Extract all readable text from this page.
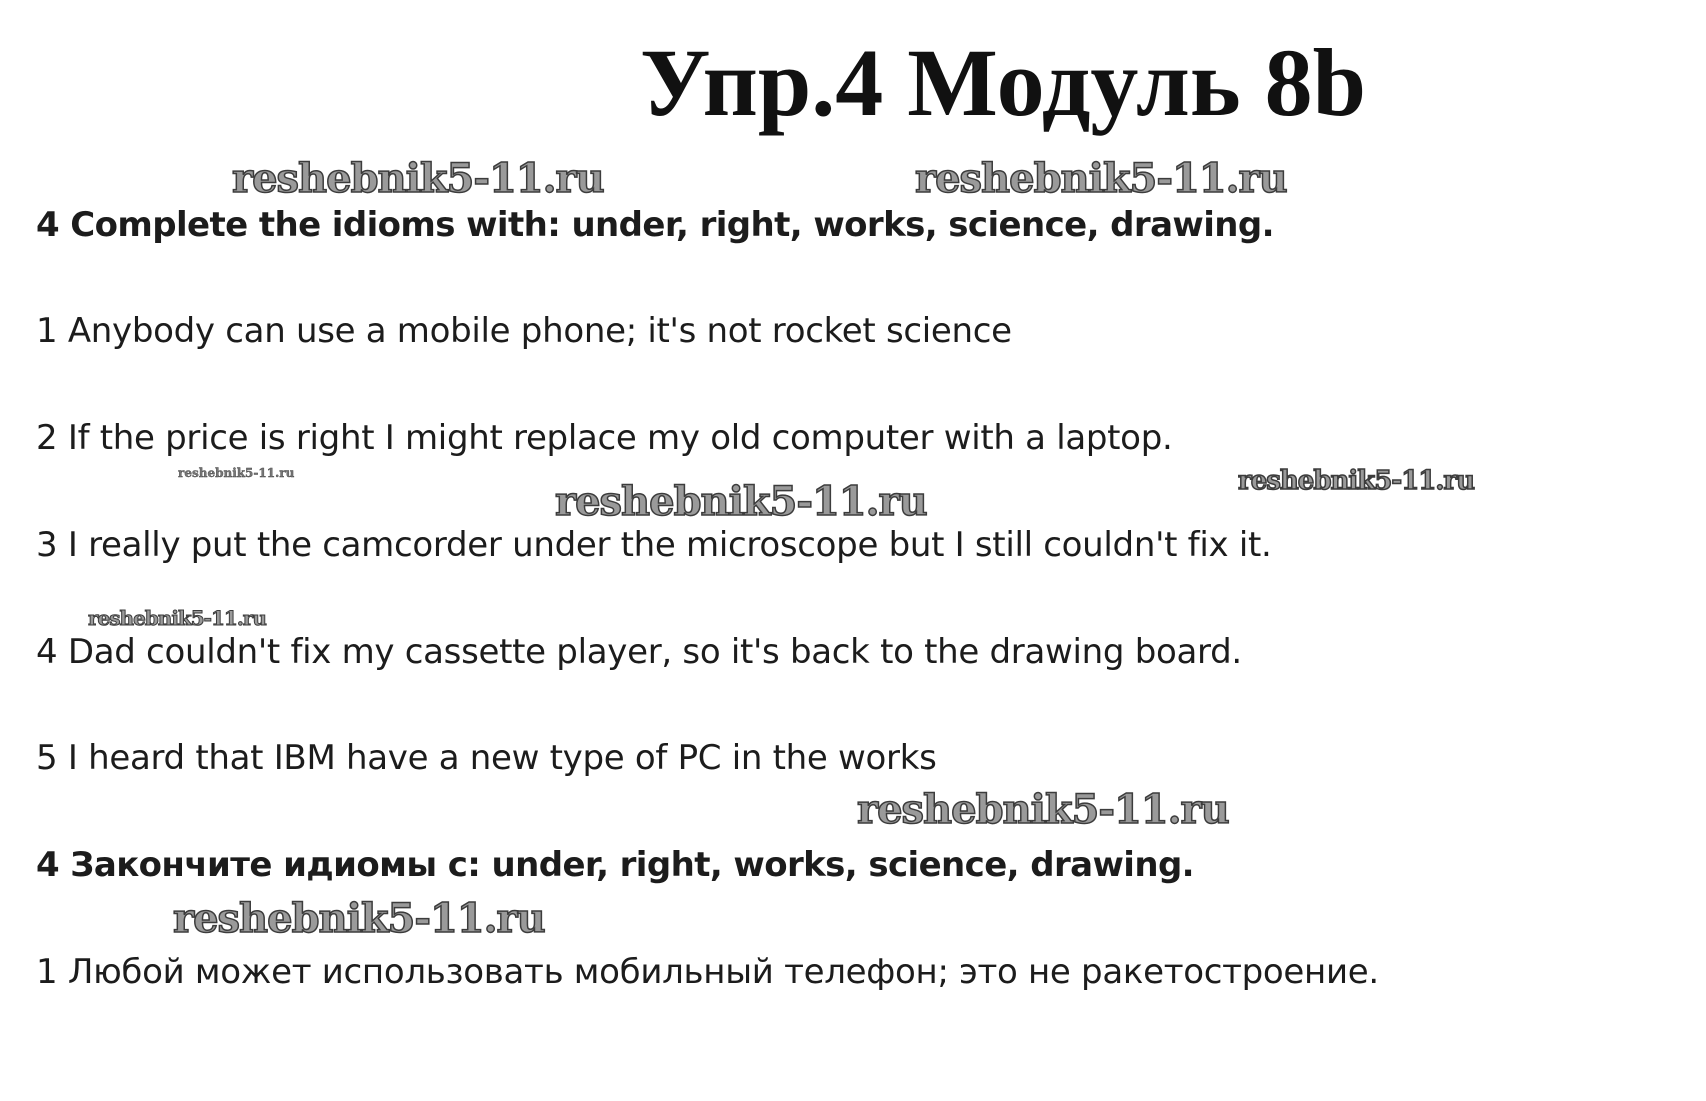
Упр.4 Модуль 8b
reshebnik5-11.ru	reshebnik5-11.ru
reshebnik5-11.ru
reshebnik5-11.ru	reshebnik5-11.ru
reshebnik5-11.ru
reshebnik5-11.ru
reshebnik5-11.ru
4 Complete the idioms with: under, right, works, science, drawing.
1 Anybody can use a mobile phone; it's not rocket science
2 If the price is right I might replace my old computer with a laptop.
3 I really put the camcorder under the microscope but I still couldn't fix it.
4 Dad couldn't fix my cassette player, so it's back to the drawing board.
5 I heard that IBM have a new type of PC in the works
4 Закончите идиомы с: under, right, works, science, drawing.
1 Любой может использовать мобильный телефон; это не ракетостроение.
